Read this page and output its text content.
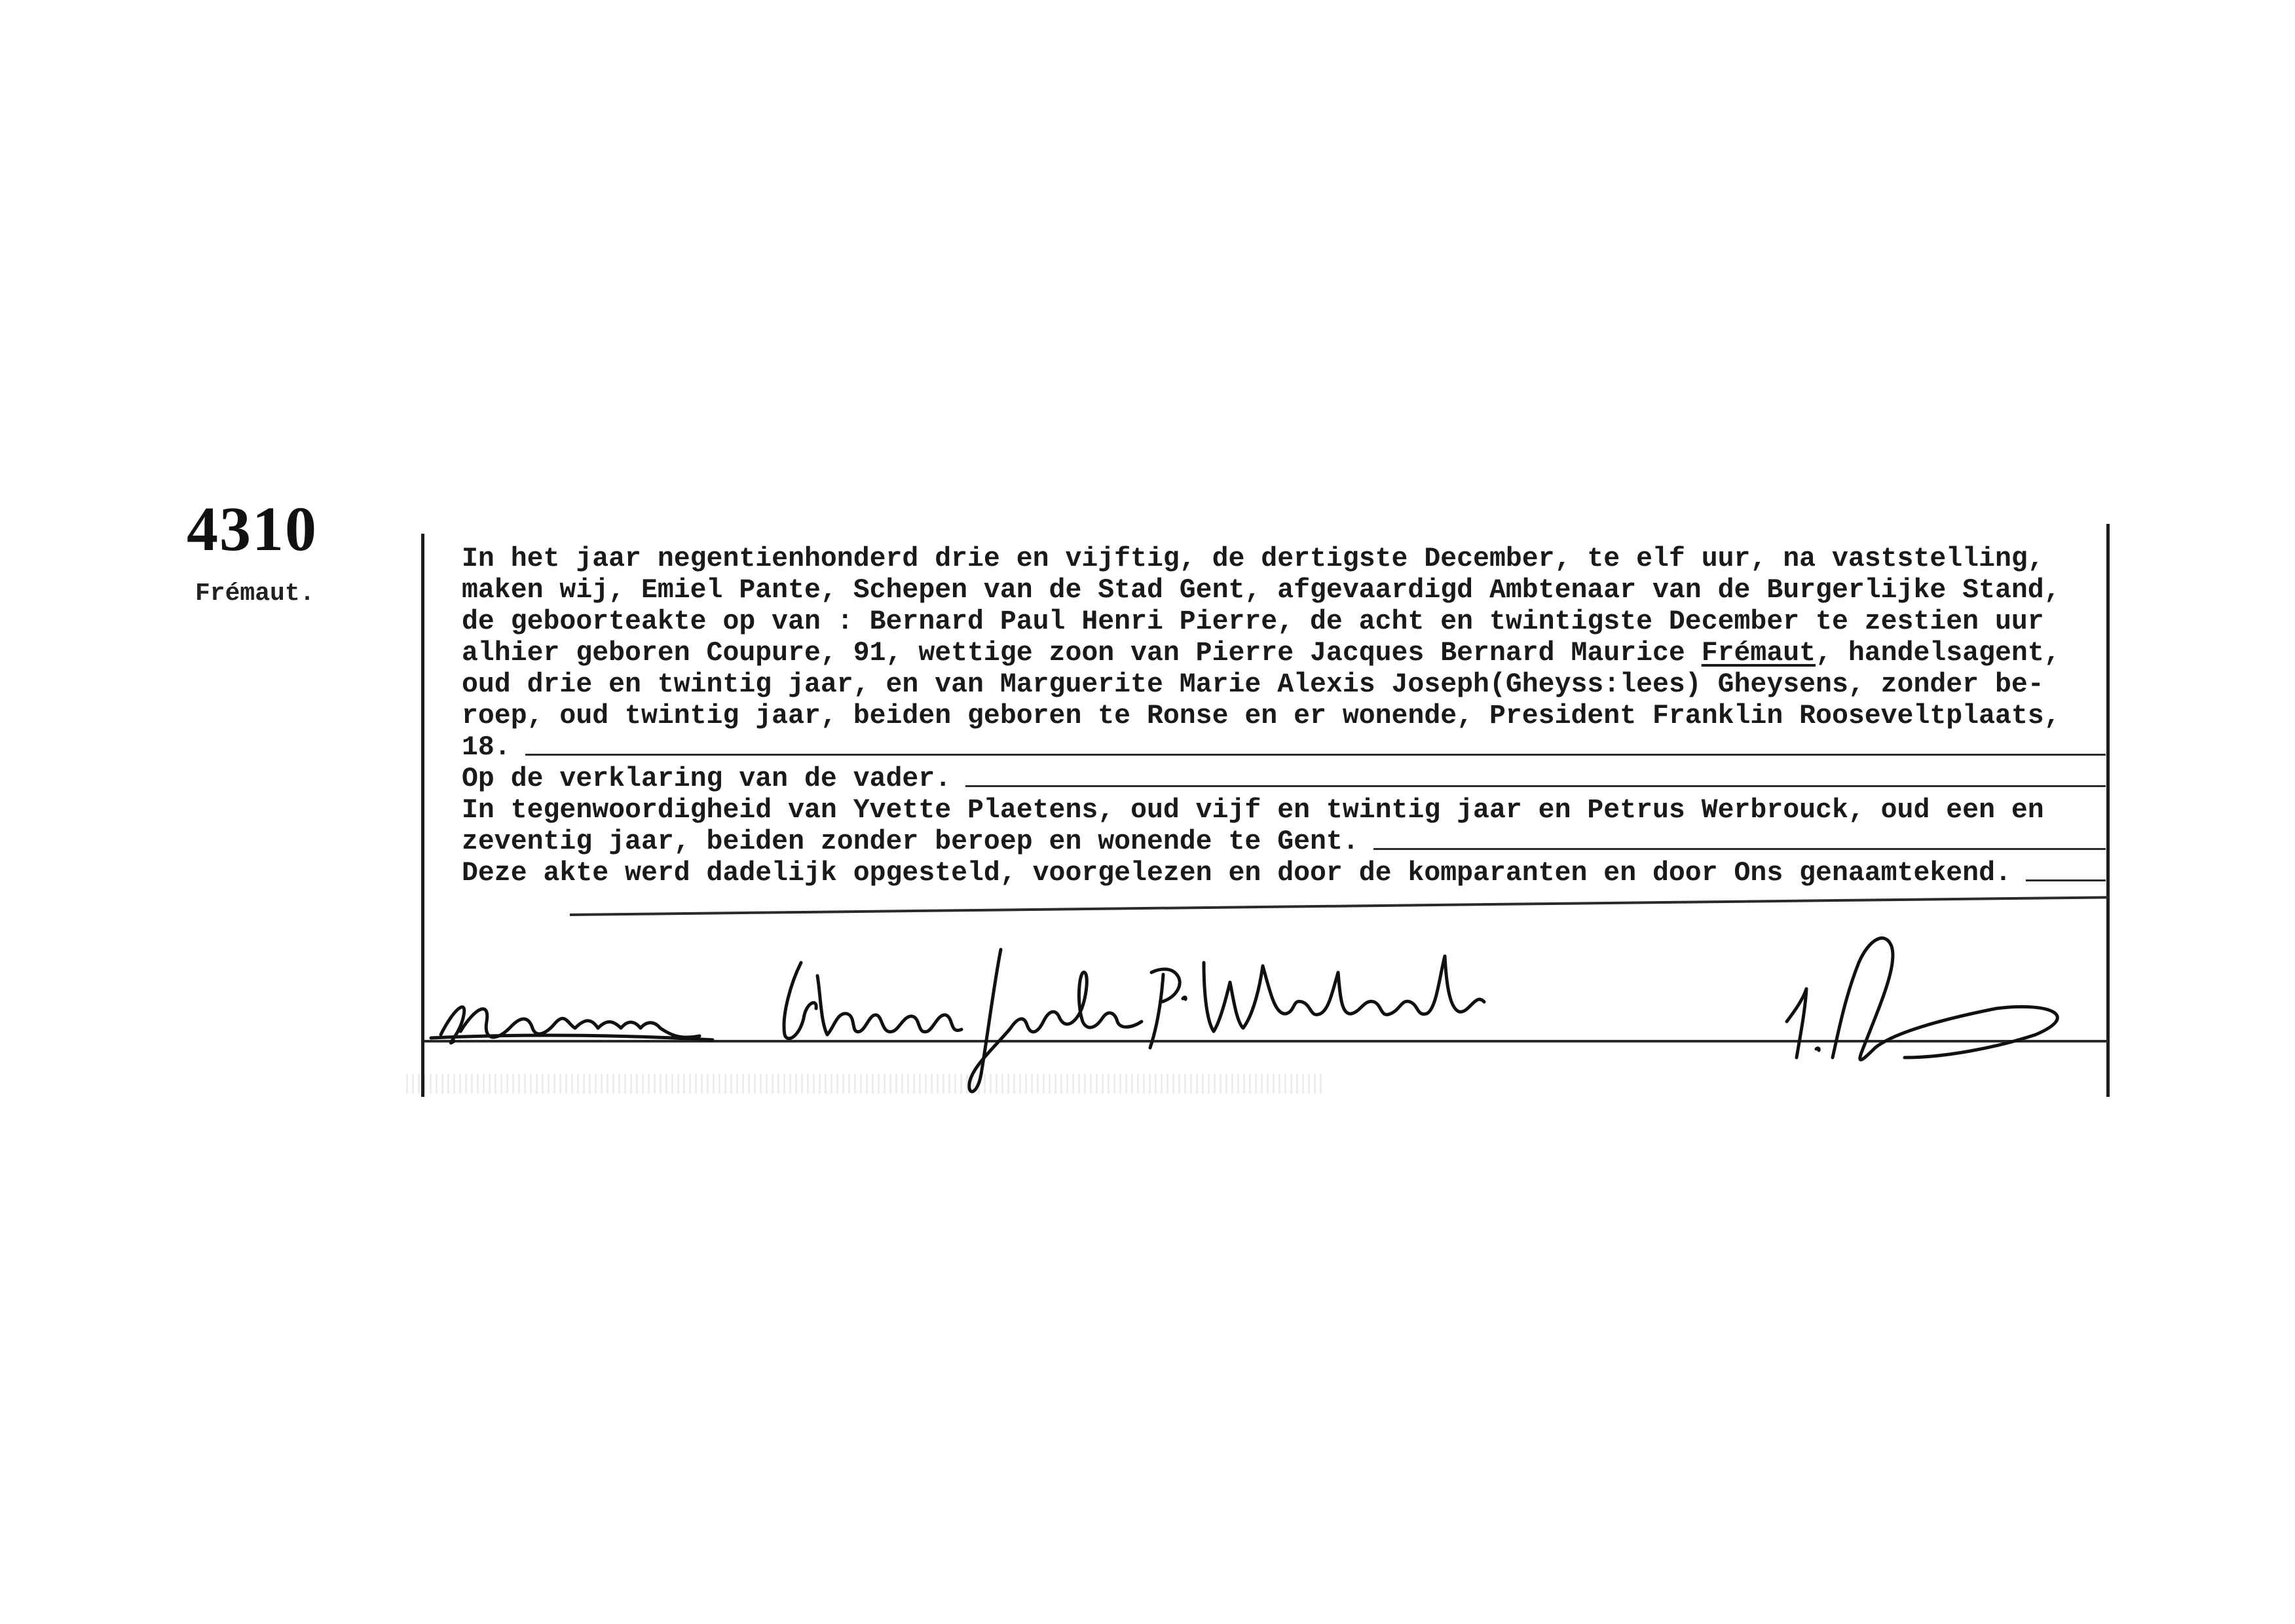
4310
Frémaut.
In het jaar negentienhonderd drie en vijftig, de dertigste December, te elf uur, na vaststelling,
maken wij, Emiel Pante, Schepen van de Stad Gent, afgevaardigd Ambtenaar van de Burgerlijke Stand,
de geboorteakte op van : Bernard Paul Henri Pierre, de acht en twintigste December te zestien uur
alhier geboren Coupure, 91, wettige zoon van Pierre Jacques Bernard Maurice Frémaut, handelsagent,
oud drie en twintig jaar, en van Marguerite Marie Alexis Joseph(Gheyss:lees) Gheysens, zonder be-
roep, oud twintig jaar, beiden geboren te Ronse en er wonende, President Franklin Rooseveltplaats,
18.
Op de verklaring van de vader.
In tegenwoordigheid van Yvette Plaetens, oud vijf en twintig jaar en Petrus Werbrouck, oud een en
zeventig jaar, beiden zonder beroep en wonende te Gent.
Deze akte werd dadelijk opgesteld, voorgelezen en door de komparanten en door Ons genaamtekend.
